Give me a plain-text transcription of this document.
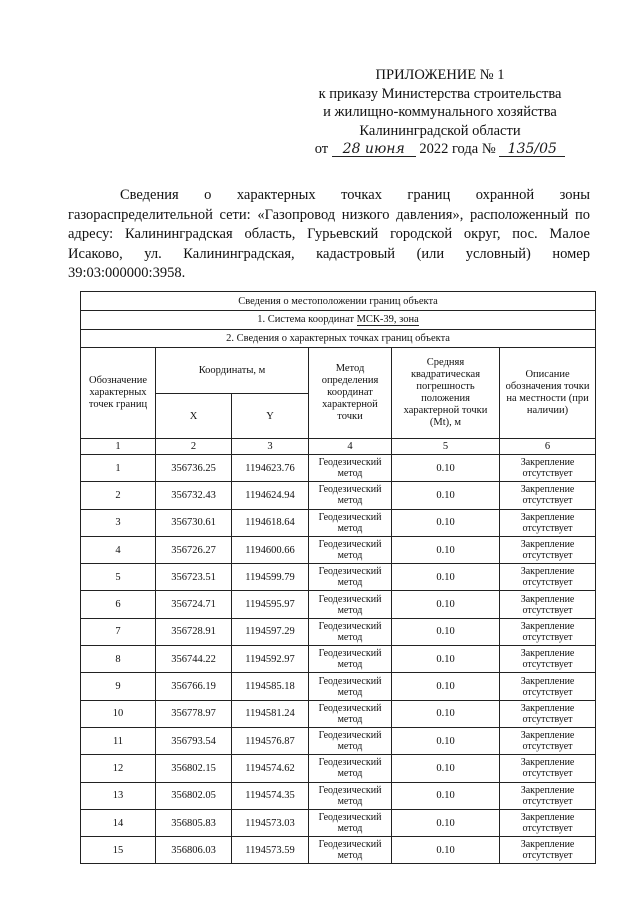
ПРИЛОЖЕНИЕ № 1
к приказу Министерства строительства
и жилищно-коммунального хозяйства
Калининградской области
от 28 июня 2022 года № 135/05
Сведения о характерных точках границ охранной зоны газораспределительной сети: «Газопровод низкого давления», расположенный по адресу: Калининградская область, Гурьевский городской округ, пос. Малое Исаково, ул. Калининградская, кадастровый (или условный) номер 39:03:000000:3958.
Сведения о местоположении границ объекта					
1. Система координат МСК-39, зона					
2. Сведения о характерных точках границ объекта					
Обозначение характерных точек границ	Координаты, м		Метод определения координат характерной точки	Средняя квадратическая погрешность положения характерной точки (Mt), м	Описание обозначения точки на местности (при наличии)
	X	Y			
1	2	3	4	5	6
1	356736.25	1194623.76	Геодезический метод	0.10	Закрепление отсутствует
2	356732.43	1194624.94	Геодезический метод	0.10	Закрепление отсутствует
3	356730.61	1194618.64	Геодезический метод	0.10	Закрепление отсутствует
4	356726.27	1194600.66	Геодезический метод	0.10	Закрепление отсутствует
5	356723.51	1194599.79	Геодезический метод	0.10	Закрепление отсутствует
6	356724.71	1194595.97	Геодезический метод	0.10	Закрепление отсутствует
7	356728.91	1194597.29	Геодезический метод	0.10	Закрепление отсутствует
8	356744.22	1194592.97	Геодезический метод	0.10	Закрепление отсутствует
9	356766.19	1194585.18	Геодезический метод	0.10	Закрепление отсутствует
10	356778.97	1194581.24	Геодезический метод	0.10	Закрепление отсутствует
11	356793.54	1194576.87	Геодезический метод	0.10	Закрепление отсутствует
12	356802.15	1194574.62	Геодезический метод	0.10	Закрепление отсутствует
13	356802.05	1194574.35	Геодезический метод	0.10	Закрепление отсутствует
14	356805.83	1194573.03	Геодезический метод	0.10	Закрепление отсутствует
15	356806.03	1194573.59	Геодезический метод	0.10	Закрепление отсутствует
